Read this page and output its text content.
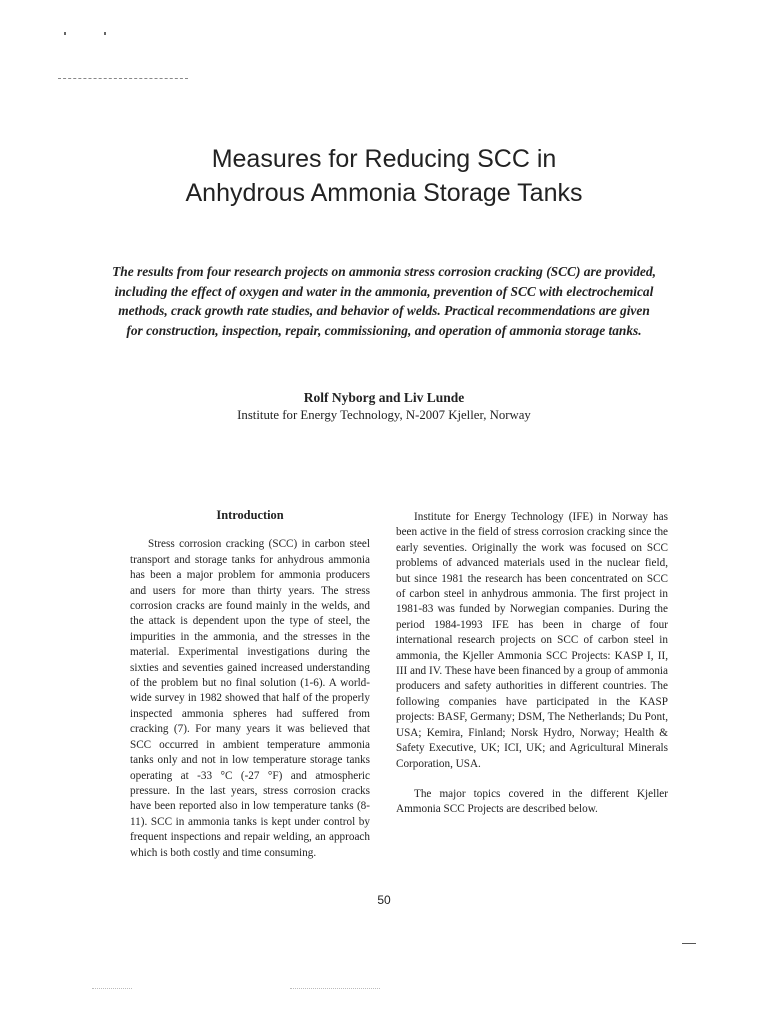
Measures for Reducing SCC in
Anhydrous Ammonia Storage Tanks
The results from four research projects on ammonia stress corrosion cracking (SCC) are provided, including the effect of oxygen and water in the ammonia, prevention of SCC with electrochemical methods, crack growth rate studies, and behavior of welds. Practical recommendations are given for construction, inspection, repair, commissioning, and operation of ammonia storage tanks.
Rolf Nyborg and Liv Lunde
Institute for Energy Technology, N-2007 Kjeller, Norway
Introduction

Stress corrosion cracking (SCC) in carbon steel transport and storage tanks for anhydrous ammonia has been a major problem for ammonia producers and users for more than thirty years. The stress corrosion cracks are found mainly in the welds, and the attack is dependent upon the type of steel, the impurities in the ammonia, and the stresses in the material. Experimental investigations during the sixties and seventies gained increased understanding of the problem but no final solution (1-6). A world-wide survey in 1982 showed that half of the properly inspected ammonia spheres had suffered from cracking (7). For many years it was believed that SCC occurred in ambient temperature ammonia tanks only and not in low temperature storage tanks operating at -33 °C (-27 °F) and atmospheric pressure. In the last years, stress corrosion cracks have been reported also in low temperature tanks (8-11). SCC in ammonia tanks is kept under control by frequent inspections and repair welding, an approach which is both costly and time consuming.

Institute for Energy Technology (IFE) in Norway has been active in the field of stress corrosion cracking since the early seventies. Originally the work was focused on SCC problems of advanced materials used in the nuclear field, but since 1981 the research has been concentrated on SCC of carbon steel in anhydrous ammonia. The first project in 1981-83 was funded by Norwegian companies. During the period 1984-1993 IFE has been in charge of four international research projects on SCC of carbon steel in ammonia, the Kjeller Ammonia SCC Projects: KASP I, II, III and IV. These have been financed by a group of ammonia producers and safety authorities in different countries. The following companies have participated in the KASP projects: BASF, Germany; DSM, The Netherlands; Du Pont, USA; Kemira, Finland; Norsk Hydro, Norway; Health & Safety Executive, UK; ICI, UK; and Agricultural Minerals Corporation, USA.

The major topics covered in the different Kjeller Ammonia SCC Projects are described below.

50
